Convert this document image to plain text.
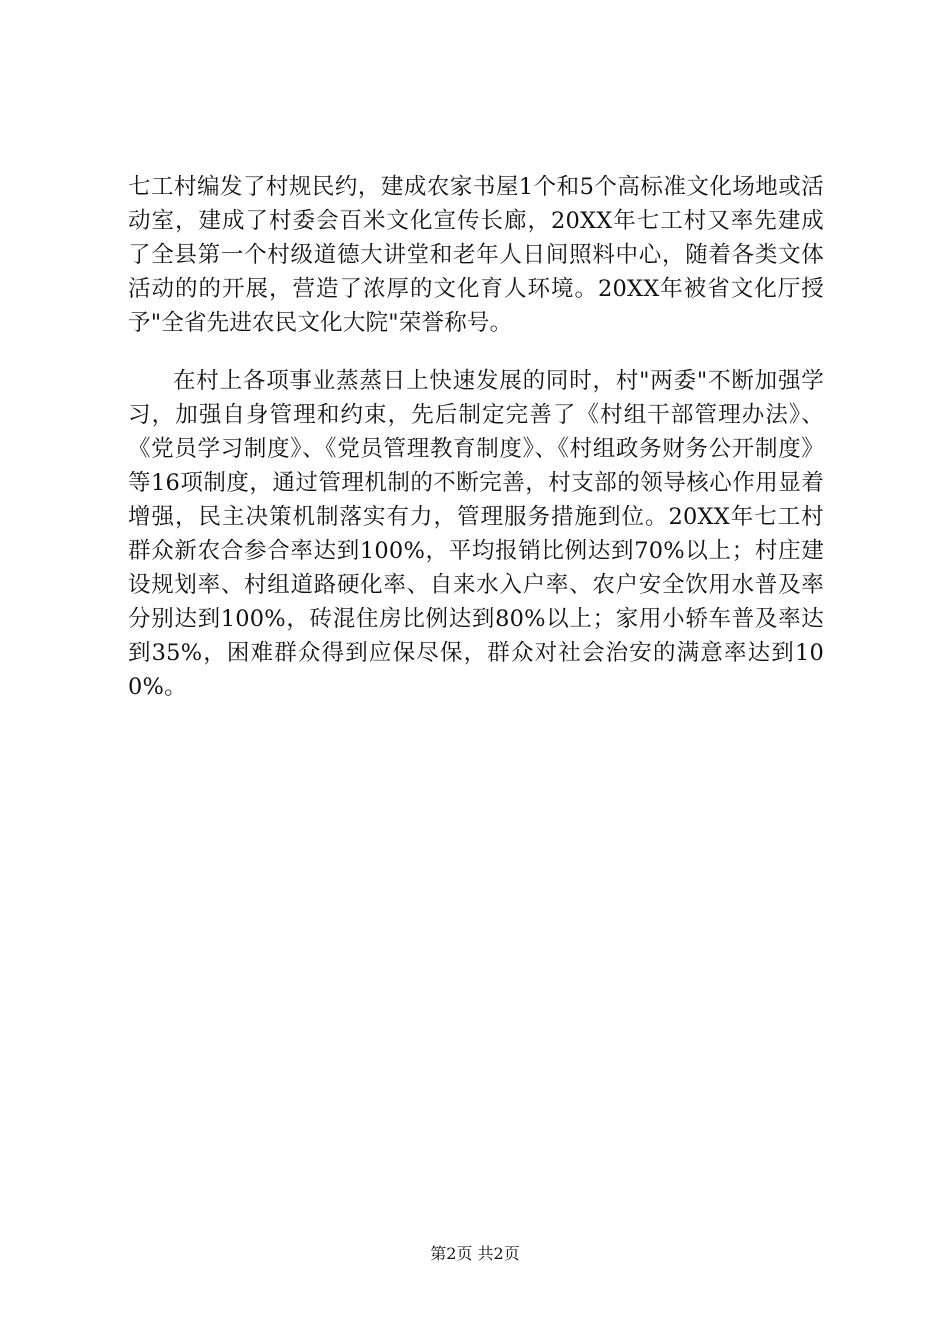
七工村编发了村规民约，建成农家书屋1个和5个高标准文化场地或活动室，建成了村委会百米文化宣传长廊，20XX年七工村又率先建成了全县第一个村级道德大讲堂和老年人日间照料中心，随着各类文体活动的的开展，营造了浓厚的文化育人环境。20XX年被省文化厅授予"全省先进农民文化大院"荣誉称号。

在村上各项事业蒸蒸日上快速发展的同时，村"两委"不断加强学习，加强自身管理和约束，先后制定完善了《村组干部管理办法》、《党员学习制度》、《党员管理教育制度》、《村组政务财务公开制度》等16项制度，通过管理机制的不断完善，村支部的领导核心作用显着增强，民主决策机制落实有力，管理服务措施到位。20XX年七工村群众新农合参合率达到100%，平均报销比例达到70%以上；村庄建设规划率、村组道路硬化率、自来水入户率、农户安全饮用水普及率分别达到100%，砖混住房比例达到80%以上；家用小轿车普及率达到35%，困难群众得到应保尽保，群众对社会治安的满意率达到100%。

第2页 共2页
